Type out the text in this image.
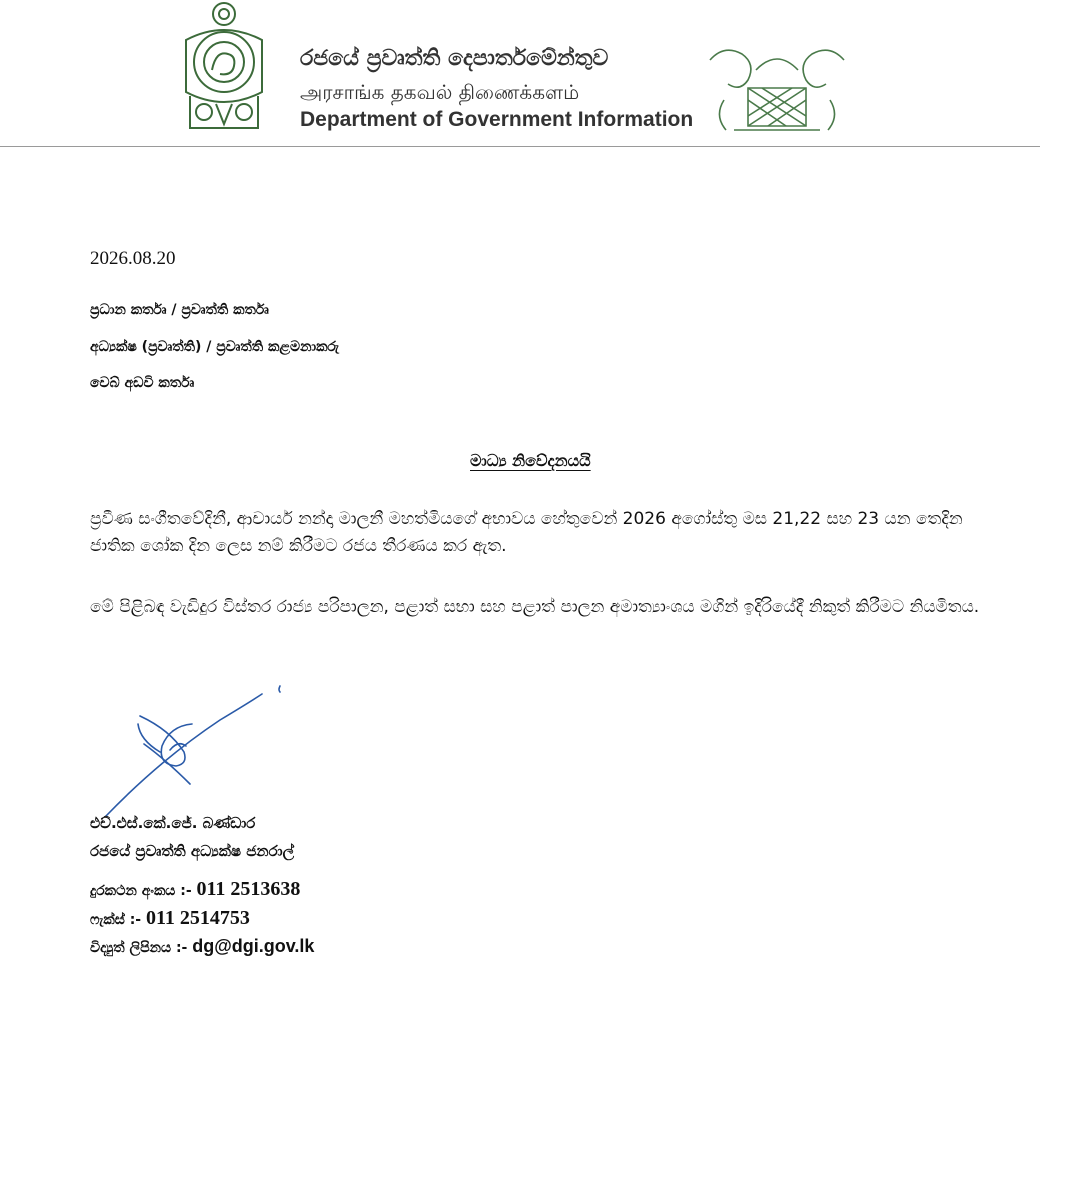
රජයේ ප්‍රවෘත්ති දෙපාර්තමේන්තුව
அரசாங்க தகவல் திணைக்களம்
Department of Government Information
2026.08.20
ප්‍රධාන කර්තෘ / ප්‍රවෘත්ති කර්තෘ
අධ්‍යක්ෂ (ප්‍රවෘත්ති) / ප්‍රවෘත්ති කළමනාකරු
වෙබ් අඩවි කර්තෘ
මාධ්‍ය නිවේදනයයි
ප්‍රවීණ සංගීතවේදිනී, ආචාර්ය නන්දා මාලනී මහත්මියගේ අභාවය හේතුවෙන් 2026 අගෝස්තු මස 21,22 සහ 23 යන තෙදින ජාතික ශෝක දින ලෙස නම් කිරීමට රජය තීරණය කර ඇත.
මේ පිළිබඳ වැඩිදුර විස්තර රාජ්‍ය පරිපාලන, පළාත් සභා සහ පළාත් පාලන අමාත්‍යාංශය මගින් ඉදිරියේදී නිකුත් කිරීමට නියමිතය.
එච්.එස්.කේ.ජේ. බණ්ඩාර
රජයේ ප්‍රවෘත්ති අධ්‍යක්ෂ ජනරාල්
දුරකථන අංකය :- 011 2513638
ෆැක්ස් :- 011 2514753
විද්‍යුත් ලිපිනය :- dg@dgi.gov.lk
